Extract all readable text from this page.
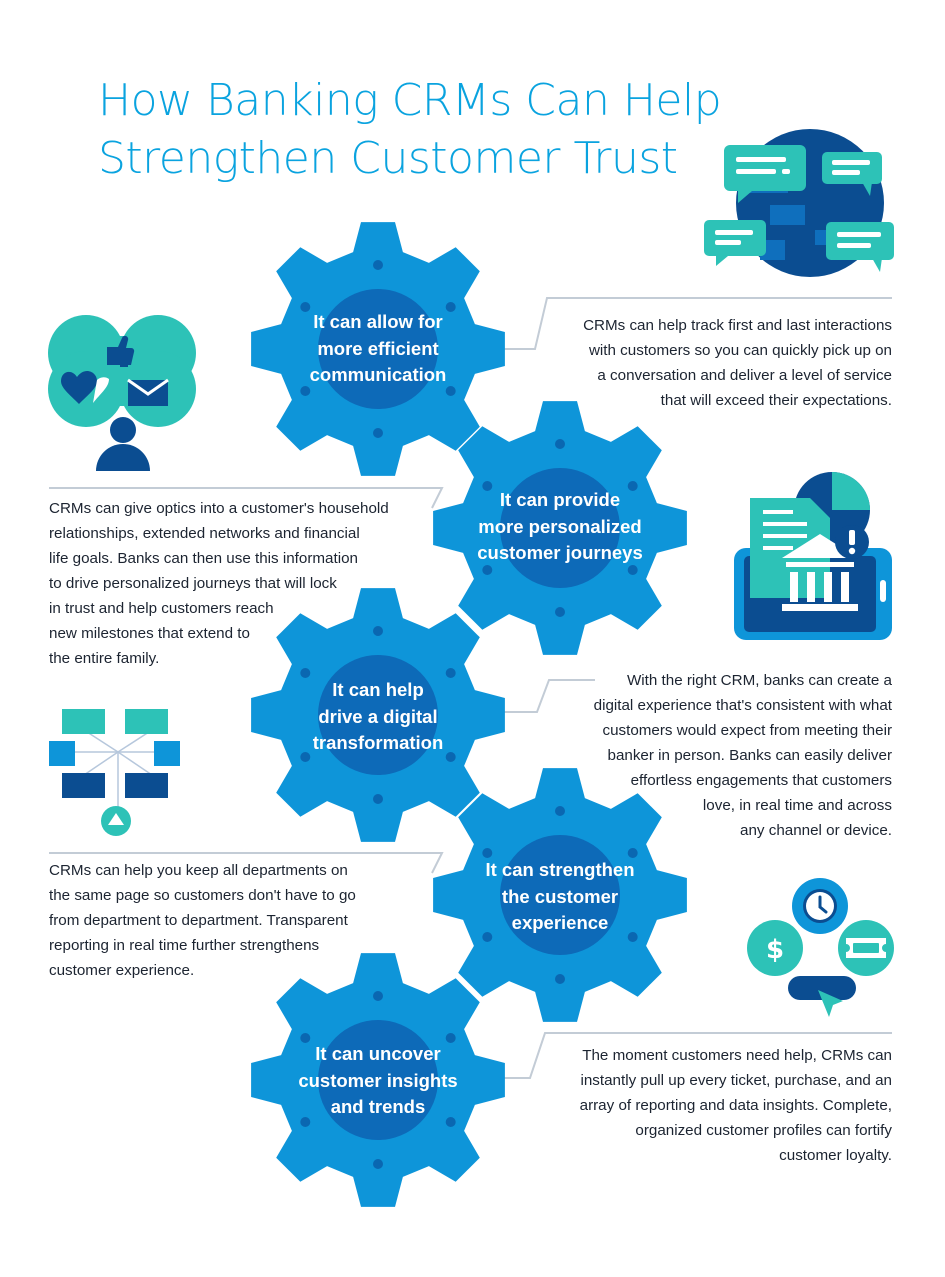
$
How Banking CRMs Can Help
Strengthen Customer Trust
It can allow for
more efficient
communication
It can provide
more personalized
customer journeys
It can help
drive a digital
transformation
It can strengthen
the customer
experience
It can uncover
customer insights
and trends

CRMs can help track first and last interactions
with customers so you can quickly pick up on
a conversation and deliver a level of service
that will exceed their expectations.

CRMs can give optics into a customer's household
relationships, extended networks and financial
life goals. Banks can then use this information
to drive personalized journeys that will lock
in trust and help customers reach
new milestones that extend to
the entire family.

With the right CRM, banks can create a
digital experience that's consistent with what
customers would expect from meeting their
banker in person. Banks can easily deliver
effortless engagements that customers
love, in real time and across
any channel or device.

CRMs can help you keep all departments on
the same page so customers don't have to go
from department to department. Transparent
reporting in real time further strengthens
customer experience.

The moment customers need help, CRMs can
instantly pull up every ticket, purchase, and an
array of reporting and data insights. Complete,
organized customer profiles can fortify
customer loyalty.
